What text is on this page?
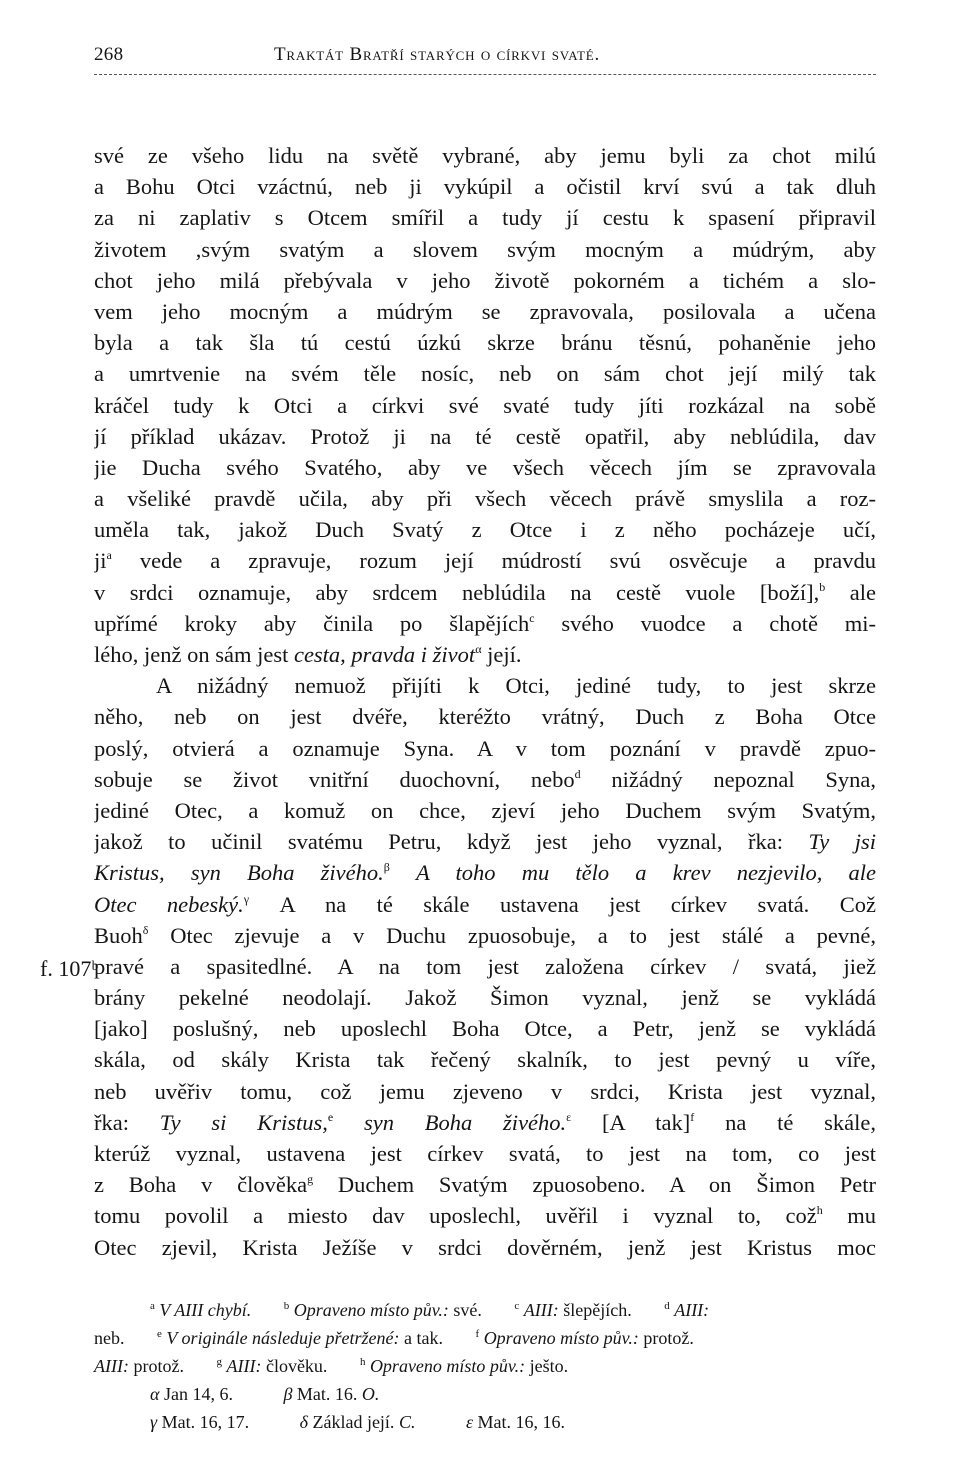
268	Traktát Bratří starých o církvi svaté.
f. 107ᵇ
své ze všeho lidu na světě vybrané, aby jemu byli za chot milú
a Bohu Otci vzáctnú, neb ji vykúpil a očistil krví svú a tak dluh
za ni zaplativ s Otcem smířil a tudy jí cestu k spasení připravil
životem ,svým svatým a slovem svým mocným a múdrým, aby
chot jeho milá přebývala v jeho životě pokorném a tichém a slo-
vem jeho mocným a múdrým se zpravovala, posilovala a učena
byla a tak šla tú cestú úzkú skrze bránu těsnú, pohaněnie jeho
a umrtvenie na svém těle nosíc, neb on sám chot její milý tak
kráčel tudy k Otci a církvi své svaté tudy jíti rozkázal na sobě
jí příklad ukázav. Protož ji na té cestě opatřil, aby neblúdila, dav
jie Ducha svého Svatého, aby ve všech věcech jím se zpravovala
a všeliké pravdě učila, aby při všech věcech právě smyslila a roz-
uměla tak, jakož Duch Svatý z Otce i z něho pocházeje učí,
$ji^a$ vede a zpravuje, rozum její múdrostí svú osvěcuje a pravdu
v srdci oznamuje, aby srdcem neblúdila na cestě vuole [boží],$^b$ ale
upřímé kroky aby činila po šlapějích$^c$ svého vuodce a chotě mi-
lého, jenž on sám jest cesta, pravda i život$^\alpha$ její.
A nižádný nemuož přijíti k Otci, jediné tudy, to jest skrze
něho, neb on jest dvéře, kteréžto vrátný, Duch z Boha Otce
poslý, otvierá a oznamuje Syna. A v tom poznání v pravdě zpuo-
sobuje se život vnitřní duochovní, nebo$^d$ nižádný nepoznal Syna,
jediné Otec, a komuž on chce, zjeví jeho Duchem svým Svatým,
jakož to učinil svatému Petru, když jest jeho vyznal, řka: Ty jsi
Kristus, syn Boha živého.$^\beta$ A toho mu tělo a krev nezjevilo, ale
Otec nebeský.$^\gamma$ A na té skále ustavena jest církev svatá. Což
Buoh$^\delta$ Otec zjevuje a v Duchu zpuosobuje, a to jest stálé a pevné,
pravé a spasitedlné. A na tom jest založena církev / svatá, jiež
brány pekelné neodolají. Jakož Šimon vyznal, jenž se vykládá
[jako] poslušný, neb uposlechl Boha Otce, a Petr, jenž se vykládá
skála, od skály Krista tak řečený skalník, to jest pevný u víře,
neb uvěřiv tomu, což jemu zjeveno v srdci, Krista jest vyznal,
řka: Ty si Kristus,$^e$ syn Boha živého.$^\varepsilon$ [A tak]$^f$ na té skále,
kterúž vyznal, ustavena jest církev svatá, to jest na tom, co jest
z Boha v člověka$^g$ Duchem Svatým zpuosobeno. A on Šimon Petr
tomu povolil a miesto dav uposlechl, uvěřil i vyznal to, což$^h$ mu
Otec zjevil, Krista Ježíše v srdci dověrném, jenž jest Kristus moc
$^a$ V AIII chybí.	$^b$ Opraveno místo pův.: své.	$^c$ AIII: šlepějích.	$^d$ AIII:
neb.	$^e$ V originále následuje přetržené: a tak.	$^f$ Opraveno místo pův.: protož.
AIII: protož.	$^g$ AIII: člověku.	$^h$ Opraveno místo pův.: ješto.
α Jan 14, 6.	β Mat. 16. O.
γ Mat. 16, 17.	δ Základ její. C.	ε Mat. 16, 16.
